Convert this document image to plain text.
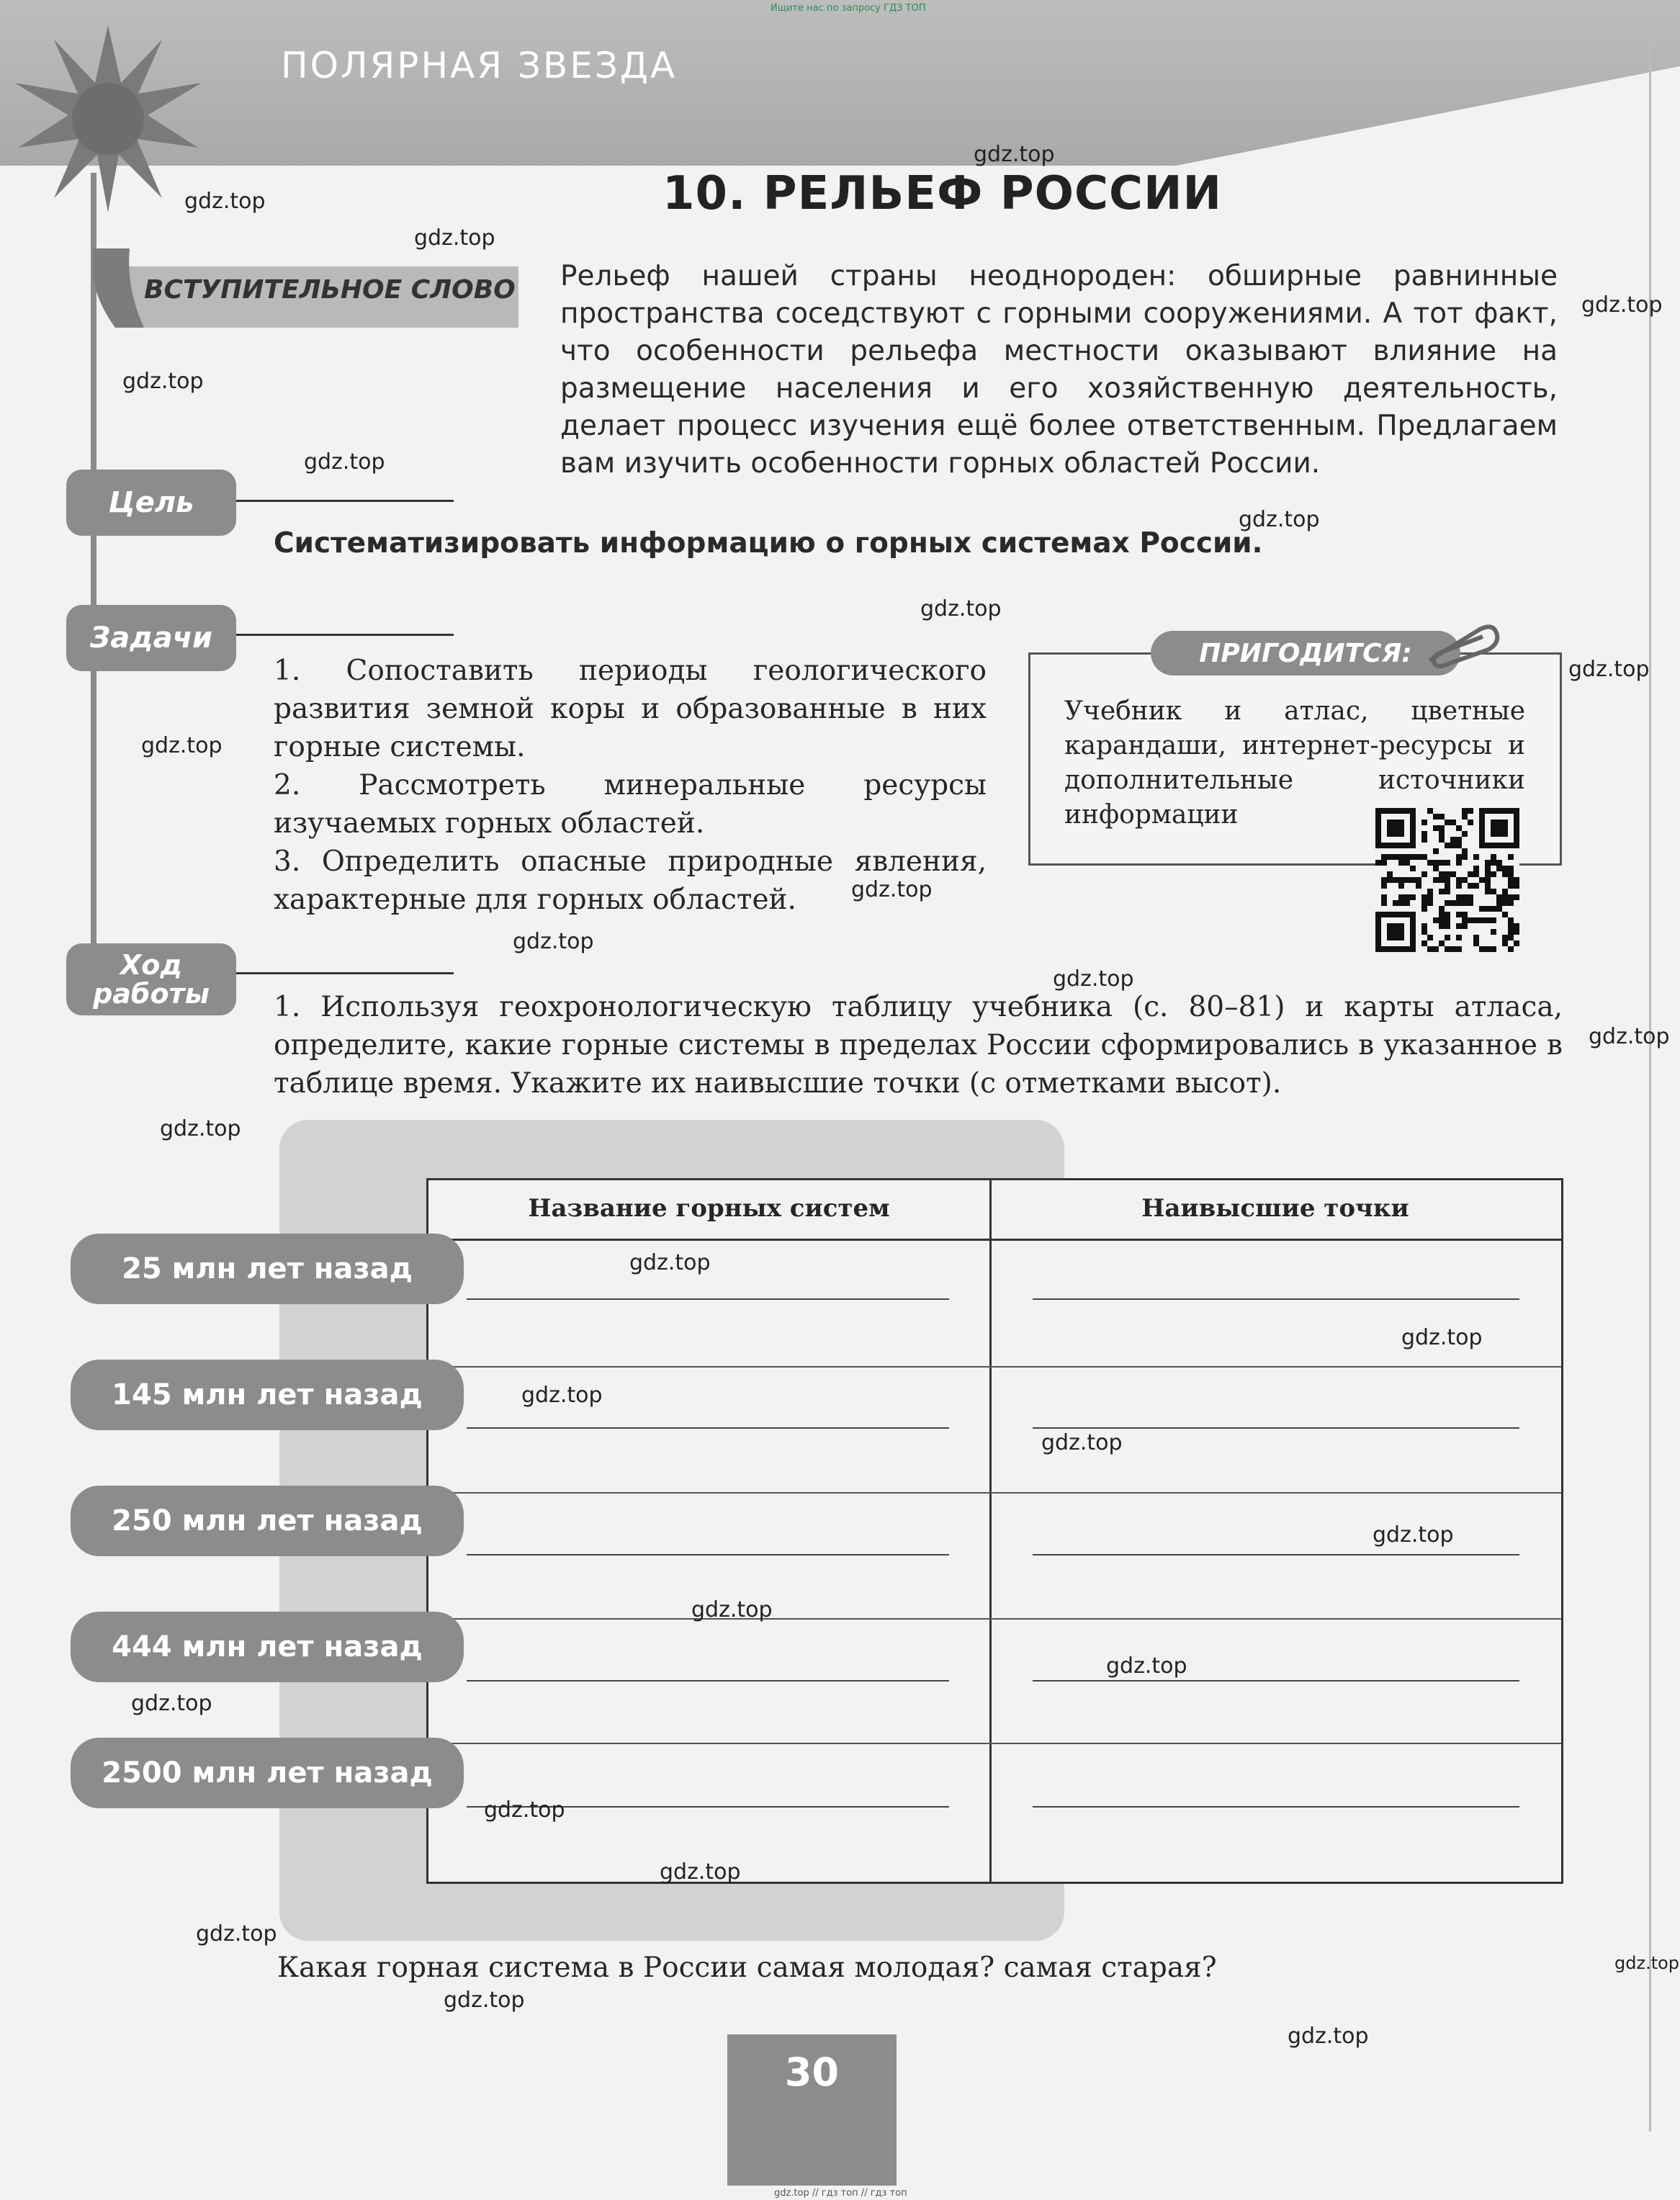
Ищите нас по запросу ГДЗ ТОП
ПОЛЯРНАЯ ЗВЕЗДА
10. РЕЛЬЕФ РОССИИ
ВСТУПИТЕЛЬНОЕ СЛОВО Рельеф нашей страны неоднороден: обширные равнинные пространства соседствуют с горными сооружениями. А тот факт, что особенности рельефа местности оказывают влияние на размещение населения и его хозяйственную деятельность, делает процесс изучения ещё более ответственным. Предлагаем вам изучить особенности горных областей России.
Цель
Систематизировать информацию о горных системах России.
Задачи
1. Сопоставить периоды геологического развития земной коры и образованные в них горные системы.
2. Рассмотреть минеральные ресурсы изучаемых горных областей.
3. Определить опасные природные явления, характерные для горных областей.
ПРИГОДИТСЯ:
Учебник и атлас, цветные карандаши, интернет-ресурсы и дополнительные источники информации
Ход
работы 1. Используя геохронологическую таблицу учебника (с. 80–81) и карты атласа, определите, какие горные системы в пределах России сформировались в указанное в таблице время. Укажите их наивысшие точки (с отметками высот).
Название горных систем	Наивысшие точки
25 млн лет назад
145 млн лет назад
250 млн лет назад
444 млн лет назад
2500 млн лет назад
Какая горная система в России самая молодая? самая старая?
30
gdz.top
gdz.top
gdz.top
gdz.top
gdz.top
gdz.top
gdz.top
gdz.top
gdz.top
gdz.top
gdz.top
gdz.top
gdz.top
gdz.top
gdz.top
gdz.top
gdz.top
gdz.top
gdz.top
gdz.top
gdz.top
gdz.top
gdz.top
gdz.top
gdz.top
gdz.top
gdz.top
gdz.top
gdz.top
gdz.top // гдз топ // гдз топ
